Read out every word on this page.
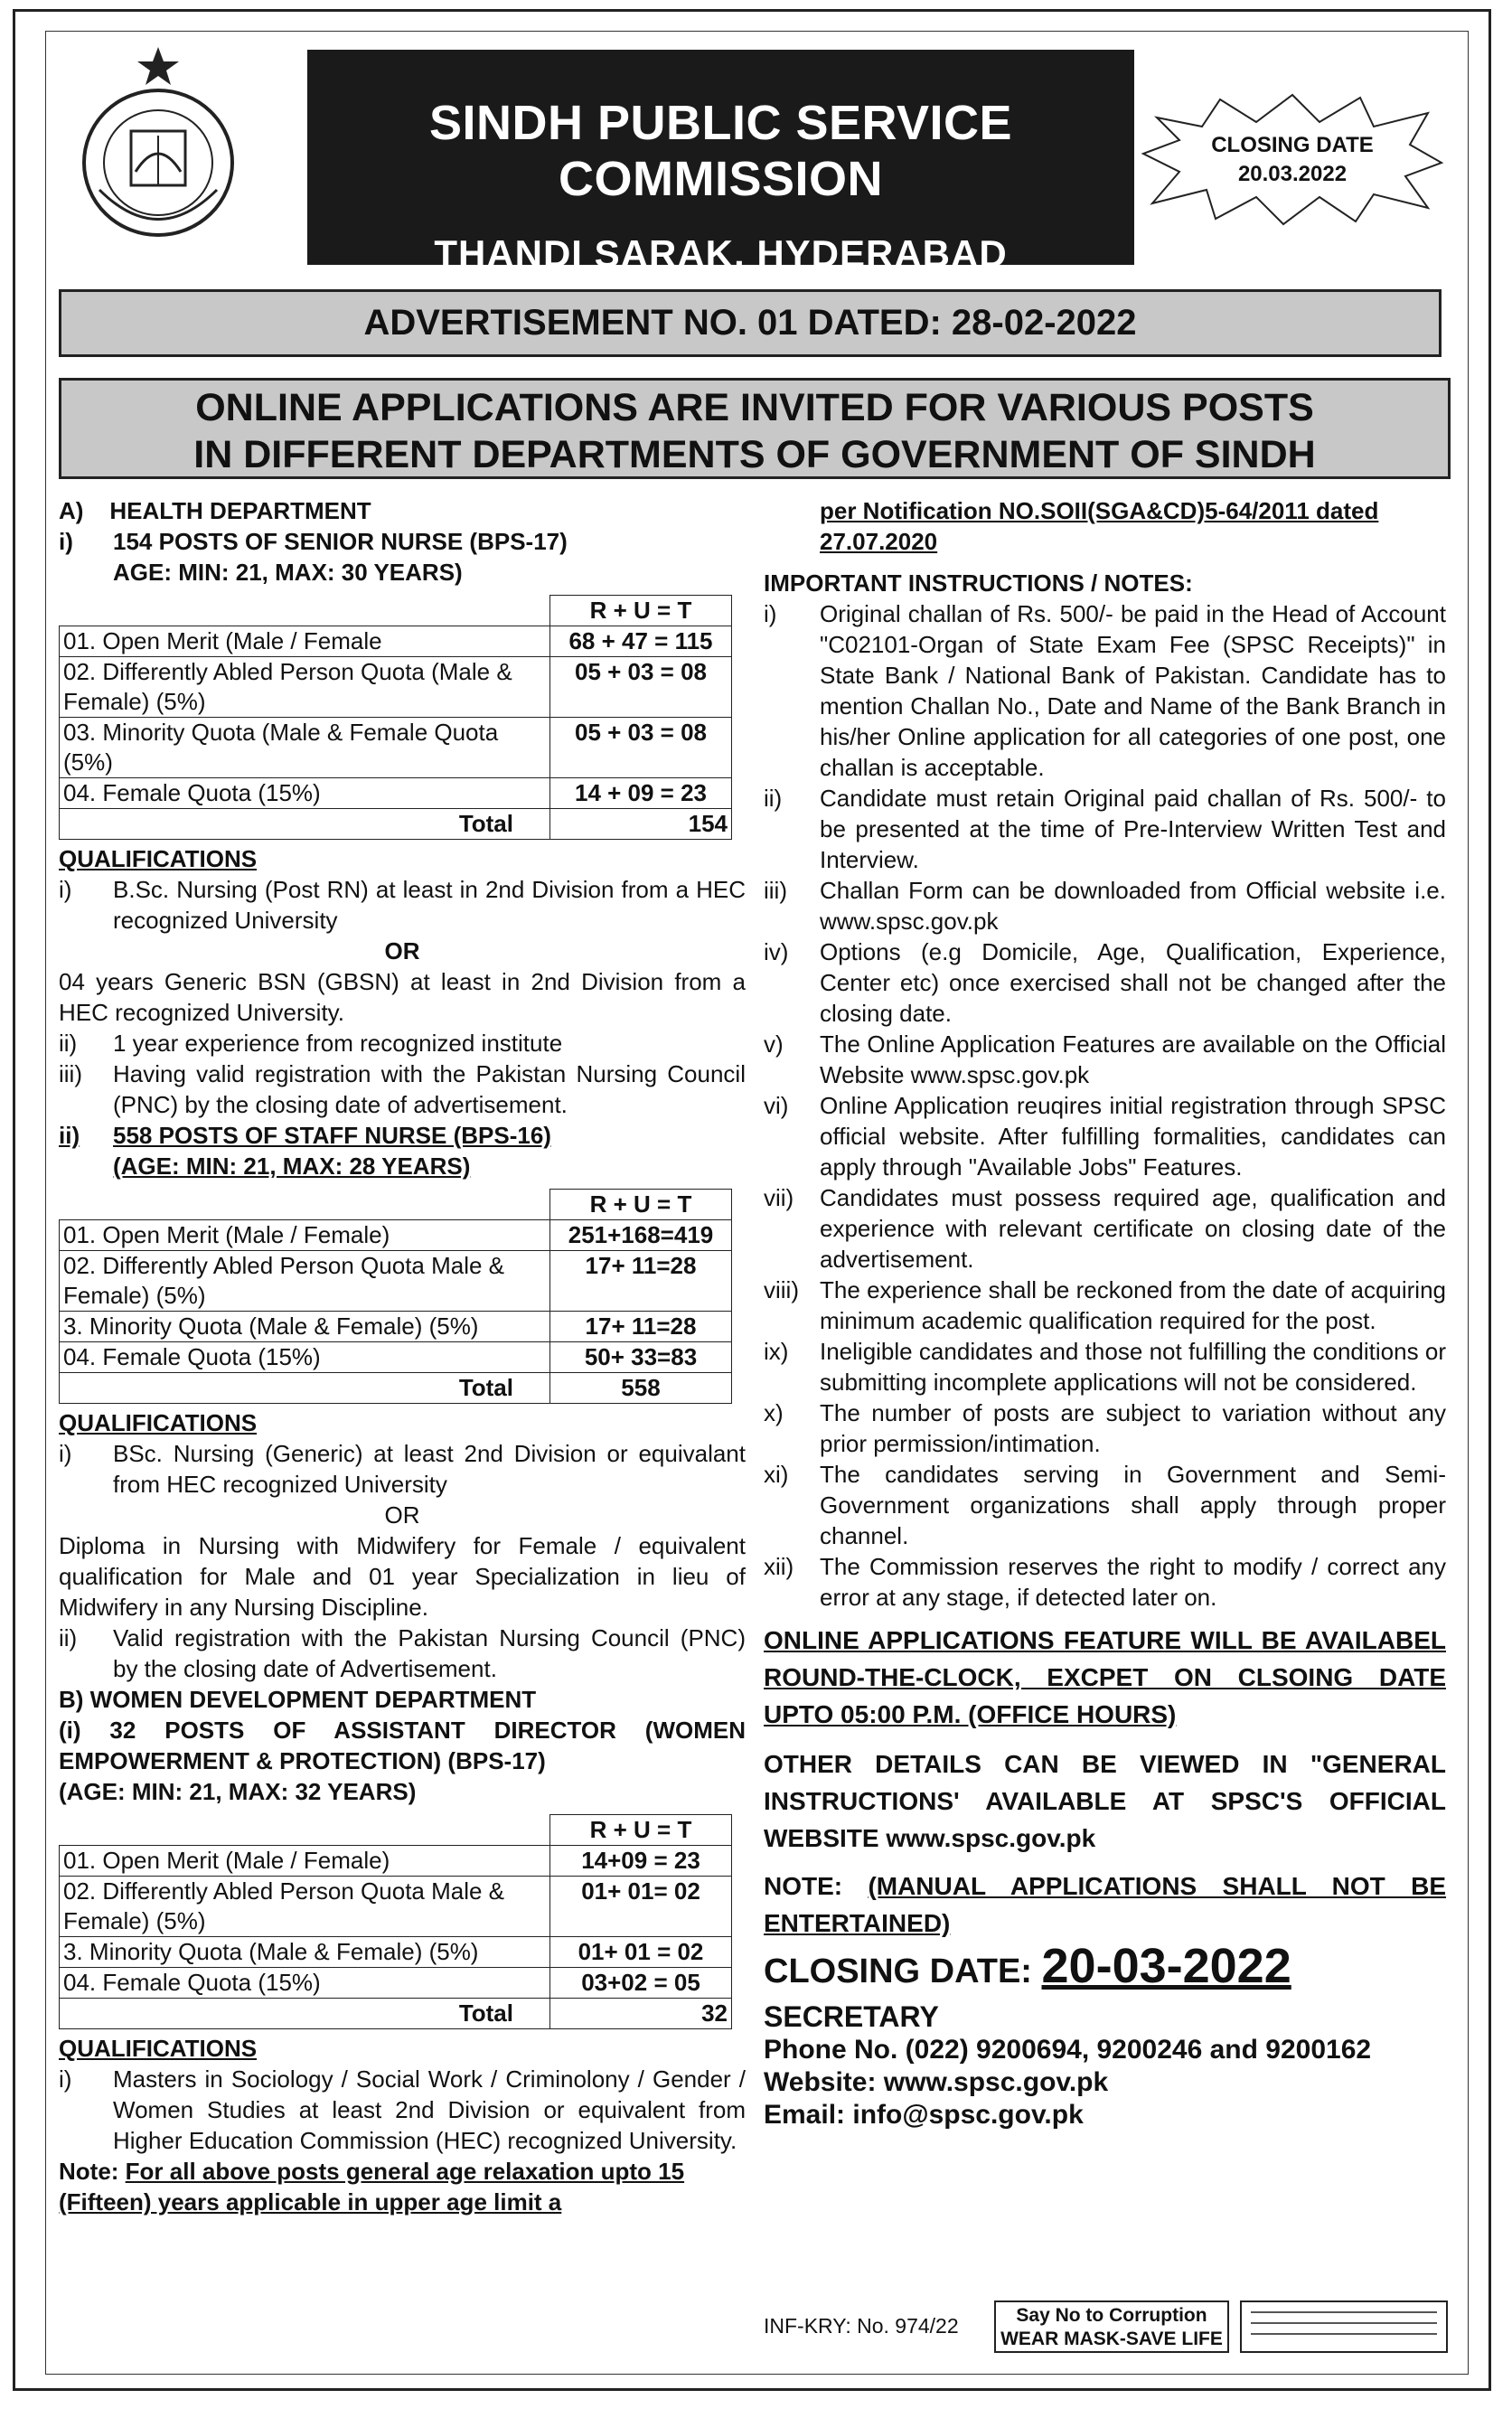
SINDH PUBLIC SERVICE COMMISSION
THANDI SARAK, HYDERABAD
CLOSING DATE
20.03.2022
ADVERTISEMENT NO. 01 DATED: 28-02-2022
ONLINE APPLICATIONS ARE INVITED FOR VARIOUS POSTS
IN DIFFERENT DEPARTMENTS OF GOVERNMENT OF SINDH
A)    HEALTH DEPARTMENT
i)	154 POSTS OF SENIOR NURSE (BPS-17)
AGE: MIN: 21, MAX: 30 YEARS)
	R + U = T
01. Open Merit (Male / Female	68 + 47 = 115
02. Differently Abled Person Quota (Male & Female) (5%)	05 + 03 = 08
03. Minority Quota (Male & Female Quota (5%)	05 + 03 = 08
04. Female Quota (15%)	14 + 09 = 23
Total	154
QUALIFICATIONS
i)	B.Sc. Nursing (Post RN) at least in 2nd Division from a HEC recognized University
OR
04 years Generic BSN (GBSN) at least in 2nd Division from a HEC recognized University.
ii)	1 year experience from recognized institute
iii)	Having valid registration with the Pakistan Nursing Council (PNC) by the closing date of advertisement.
ii)	558 POSTS OF STAFF NURSE (BPS-16)
(AGE: MIN: 21, MAX: 28 YEARS)
	R + U = T
01. Open Merit (Male / Female)	251+168=419
02. Differently Abled Person Quota Male & Female) (5%)	17+ 11=28
3. Minority Quota (Male & Female) (5%)	17+ 11=28
04. Female Quota (15%)	50+ 33=83
Total	558
QUALIFICATIONS
i)	BSc. Nursing (Generic) at least 2nd Division or equivalant from HEC recognized University
OR
Diploma in Nursing with Midwifery for Female / equivalent qualification for Male and 01 year Specialization in lieu of Midwifery in any Nursing Discipline.
ii)	Valid registration with the Pakistan Nursing Council (PNC) by the closing date of Advertisement.
B) WOMEN DEVELOPMENT DEPARTMENT
(i) 32 POSTS OF ASSISTANT DIRECTOR (WOMEN EMPOWERMENT & PROTECTION) (BPS-17)
(AGE: MIN: 21, MAX: 32 YEARS)
	R + U = T
01. Open Merit (Male / Female)	14+09 = 23
02. Differently Abled Person Quota Male & Female) (5%)	01+ 01= 02
3. Minority Quota (Male & Female) (5%)	01+ 01 = 02
04. Female Quota (15%)	03+02 = 05
Total	32
QUALIFICATIONS
i)	Masters in Sociology / Social Work / Criminolony / Gender / Women Studies at least 2nd Division or equivalent from Higher Education Commission (HEC) recognized University.
Note: For all above posts general age relaxation upto 15 (Fifteen) years applicable in upper age limit a
per Notification NO.SOII(SGA&CD)5-64/2011 dated 27.07.2020
IMPORTANT INSTRUCTIONS / NOTES:
i)	Original challan of Rs. 500/- be paid in the Head of Account "C02101-Organ of State Exam Fee (SPSC Receipts)" in State Bank / National Bank of Pakistan. Candidate has to mention Challan No., Date and Name of the Bank Branch in his/her Online application for all categories of one post, one challan is acceptable.
ii)	Candidate must retain Original paid challan of Rs. 500/- to be presented at the time of Pre-Interview Written Test and Interview.
iii)	Challan Form can be downloaded from Official website i.e. www.spsc.gov.pk
iv)	Options (e.g Domicile, Age, Qualification, Experience, Center etc) once exercised shall not be changed after the closing date.
v)	The Online Application Features are available on the Official Website www.spsc.gov.pk
vi)	Online Application reuqires initial registration through SPSC official website. After fulfilling formalities, candidates can apply through "Available Jobs" Features.
vii)	Candidates must possess required age, qualification and experience with relevant certificate on closing date of the advertisement.
viii) The experience shall be reckoned from the date of acquiring minimum academic qualification required for the post.
ix)	Ineligible candidates and those not fulfilling the conditions or submitting incomplete applications will not be considered.
x)	The number of posts are subject to variation without any prior permission/intimation.
xi)	The candidates serving in Government and Semi-Government organizations shall apply through proper channel.
xii)	The Commission reserves the right to modify / correct any error at any stage, if detected later on.
ONLINE APPLICATIONS FEATURE WILL BE AVAILABEL ROUND-THE-CLOCK, EXCPET ON CLSOING DATE UPTO 05:00 P.M. (OFFICE HOURS)
OTHER DETAILS CAN BE VIEWED IN "GENERAL INSTRUCTIONS' AVAILABLE AT SPSC'S OFFICIAL WEBSITE www.spsc.gov.pk
NOTE: (MANUAL APPLICATIONS SHALL NOT BE ENTERTAINED)
CLOSING DATE: 20-03-2022
SECRETARY
Phone No. (022) 9200694, 9200246 and 9200162
Website: www.spsc.gov.pk
Email: info@spsc.gov.pk
INF-KRY: No. 974/22	Say No to Corruption
WEAR MASK-SAVE LIFE
